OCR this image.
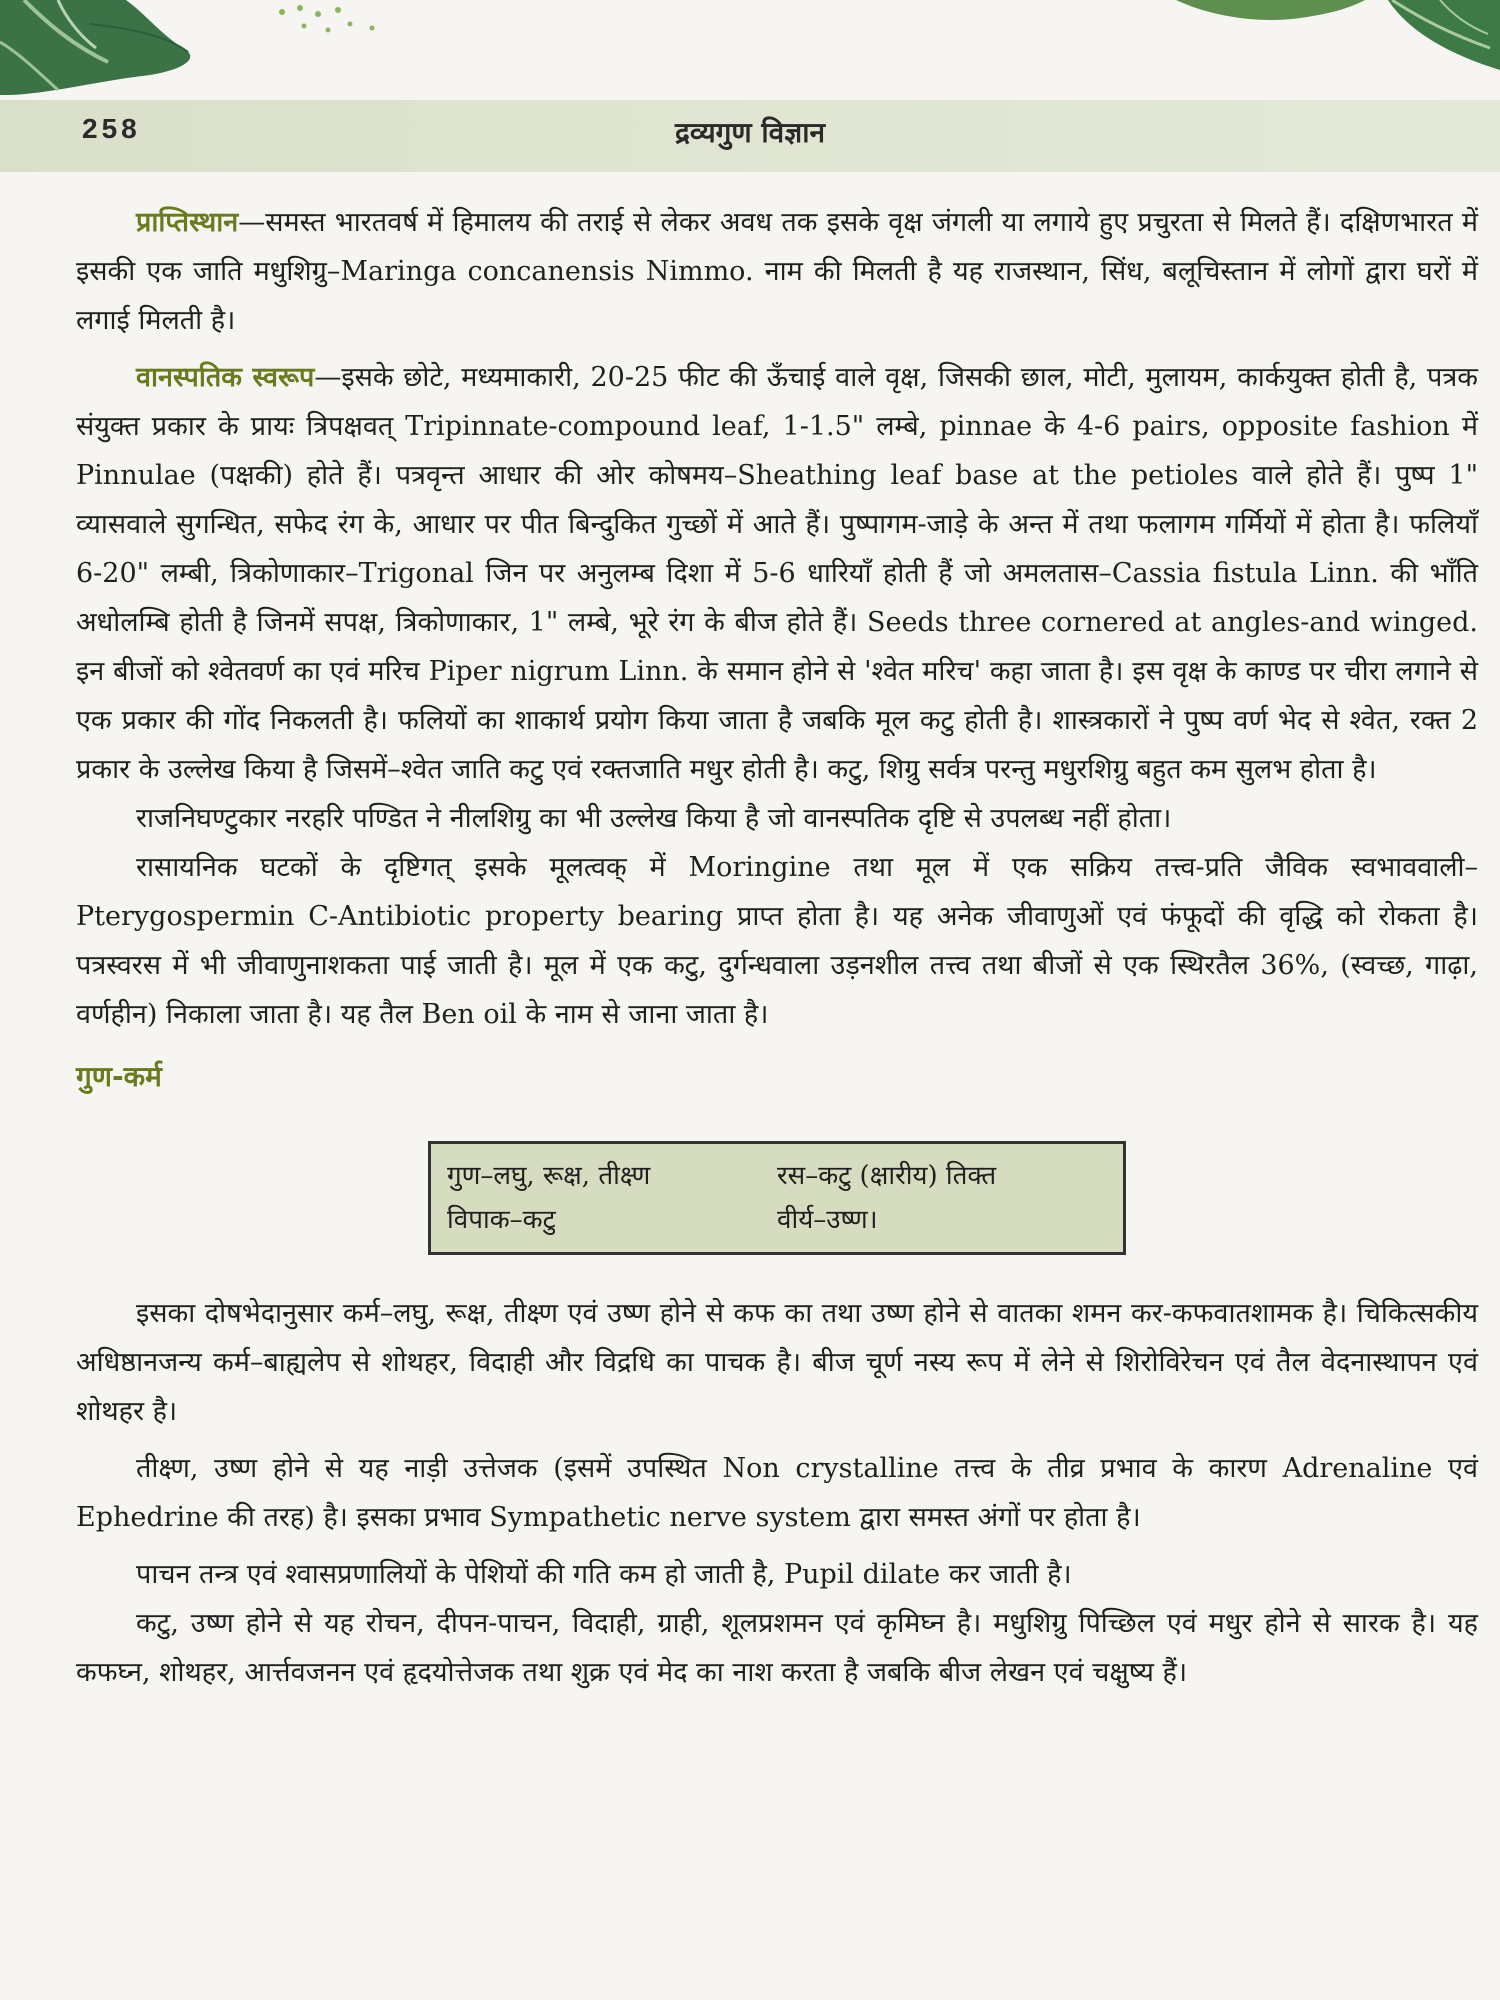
258	द्रव्यगुण विज्ञान

प्राप्तिस्थान—समस्त भारतवर्ष में हिमालय की तराई से लेकर अवध तक इसके वृक्ष जंगली या लगाये हुए प्रचुरता से मिलते हैं। दक्षिणभारत में इसकी एक जाति मधुशिग्रु–Maringa concanensis Nimmo. नाम की मिलती है यह राजस्थान, सिंध, बलूचिस्तान में लोगों द्वारा घरों में लगाई मिलती है।

वानस्पतिक स्वरूप—इसके छोटे, मध्यमाकारी, 20-25 फीट की ऊँचाई वाले वृक्ष, जिसकी छाल, मोटी, मुलायम, कार्कयुक्त होती है, पत्रक संयुक्त प्रकार के प्रायः त्रिपक्षवत् Tripinnate-compound leaf, 1-1.5" लम्बे, pinnae के 4-6 pairs, opposite fashion में Pinnulae (पक्षकी) होते हैं। पत्रवृन्त आधार की ओर कोषमय–Sheathing leaf base at the petioles वाले होते हैं। पुष्प 1" व्यासवाले सुगन्धित, सफेद रंग के, आधार पर पीत बिन्दुकित गुच्छों में आते हैं। पुष्पागम-जाड़े के अन्त में तथा फलागम गर्मियों में होता है। फलियाँ 6-20" लम्बी, त्रिकोणाकार–Trigonal जिन पर अनुलम्ब दिशा में 5-6 धारियाँ होती हैं जो अमलतास–Cassia fistula Linn. की भाँति अधोलम्बि होती है जिनमें सपक्ष, त्रिकोणाकार, 1" लम्बे, भूरे रंग के बीज होते हैं। Seeds three cornered at angles-and winged. इन बीजों को श्वेतवर्ण का एवं मरिच Piper nigrum Linn. के समान होने से 'श्वेत मरिच' कहा जाता है। इस वृक्ष के काण्ड पर चीरा लगाने से एक प्रकार की गोंद निकलती है। फलियों का शाकार्थ प्रयोग किया जाता है जबकि मूल कटु होती है। शास्त्रकारों ने पुष्प वर्ण भेद से श्वेत, रक्त 2 प्रकार के उल्लेख किया है जिसमें–श्वेत जाति कटु एवं रक्तजाति मधुर होती है। कटु, शिग्रु सर्वत्र परन्तु मधुरशिग्रु बहुत कम सुलभ होता है।

राजनिघण्टुकार नरहरि पण्डित ने नीलशिग्रु का भी उल्लेख किया है जो वानस्पतिक दृष्टि से उपलब्ध नहीं होता।

रासायनिक घटकों के दृष्टिगत् इसके मूलत्वक् में Moringine तथा मूल में एक सक्रिय तत्त्व-प्रति जैविक स्वभाववाली–Pterygospermin C-Antibiotic property bearing प्राप्त होता है। यह अनेक जीवाणुओं एवं फंफूदों की वृद्धि को रोकता है। पत्रस्वरस में भी जीवाणुनाशकता पाई जाती है। मूल में एक कटु, दुर्गन्धवाला उड़नशील तत्त्व तथा बीजों से एक स्थिरतैल 36%, (स्वच्छ, गाढ़ा, वर्णहीन) निकाला जाता है। यह तैल Ben oil के नाम से जाना जाता है।

गुण-कर्म
गुण–लघु, रूक्ष, तीक्ष्ण	रस–कटु (क्षारीय) तिक्त
विपाक–कटु	वीर्य–उष्ण।

इसका दोषभेदानुसार कर्म–लघु, रूक्ष, तीक्ष्ण एवं उष्ण होने से कफ का तथा उष्ण होने से वातका शमन कर-कफवातशामक है। चिकित्सकीय अधिष्ठानजन्य कर्म–बाह्यलेप से शोथहर, विदाही और विद्रधि का पाचक है। बीज चूर्ण नस्य रूप में लेने से शिरोविरेचन एवं तैल वेदनास्थापन एवं शोथहर है।

तीक्ष्ण, उष्ण होने से यह नाड़ी उत्तेजक (इसमें उपस्थित Non crystalline तत्त्व के तीव्र प्रभाव के कारण Adrenaline एवं Ephedrine की तरह) है। इसका प्रभाव Sympathetic nerve system द्वारा समस्त अंगों पर होता है।

पाचन तन्त्र एवं श्वासप्रणालियों के पेशियों की गति कम हो जाती है, Pupil dilate कर जाती है।

कटु, उष्ण होने से यह रोचन, दीपन-पाचन, विदाही, ग्राही, शूलप्रशमन एवं कृमिघ्न है। मधुशिग्रु पिच्छिल एवं मधुर होने से सारक है। यह कफघ्न, शोथहर, आर्त्तवजनन एवं हृदयोत्तेजक तथा शुक्र एवं मेद का नाश करता है जबकि बीज लेखन एवं चक्षुष्य हैं।
